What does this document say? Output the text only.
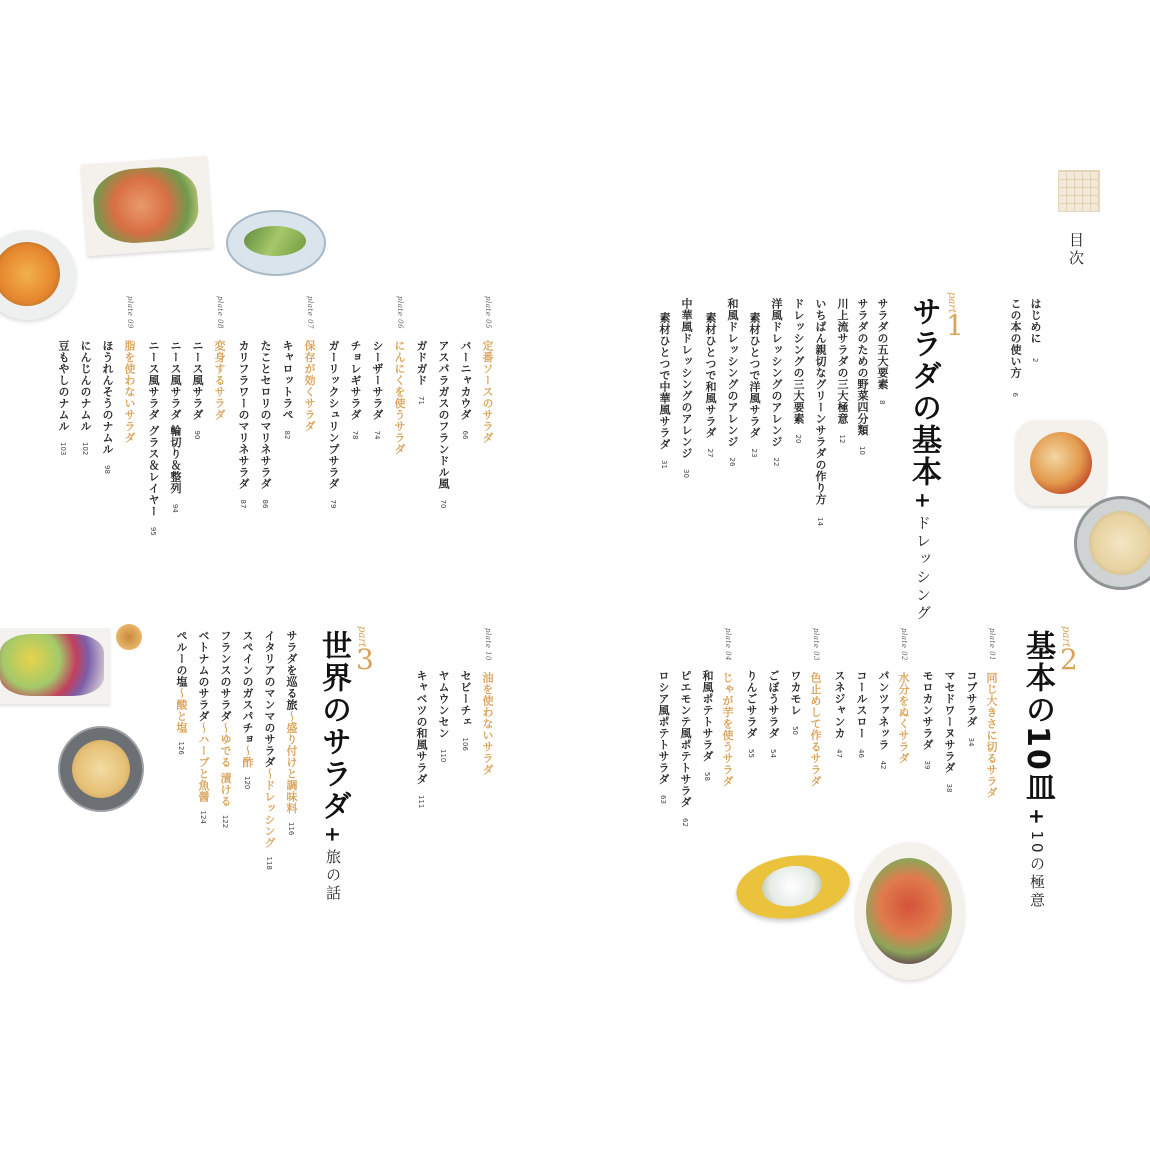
目次
はじめに2
この本の使い方6
part
1
サラダの基本+ドレッシング
サラダの五大要素8
サラダのための野菜四分類10
川上流サラダの三大極意12
いちばん親切なグリーンサラダの作り方14
ドレッシングの三大要素20
洋風ドレッシングのアレンジ22
素材ひとつで洋風サラダ23
和風ドレッシングのアレンジ26
素材ひとつで和風サラダ27
中華風ドレッシングのアレンジ30
素材ひとつで中華風サラダ31
part
2
基本の10皿+10の極意
plate 01
同じ大きさに切るサラダ
コブサラダ34
マセドワーヌサラダ38
モロカンサラダ39
plate 02
水分をぬくサラダ
パンツァネッラ42
コールスロー46
スネジャンカ47
plate 03
色止めして作るサラダ
ワカモレ50
ごぼうサラダ54
りんごサラダ55
plate 04
じゃが芋を使うサラダ
和風ポテトサラダ58
ピエモンテ風ポテトサラダ62
ロシア風ポテトサラダ63
plate 05
定番ソースのサラダ
バーニャカウダ66
アスパラガスのフランドル風70
ガドガド71
plate 06
にんにくを使うサラダ
シーザーサラダ74
チョレギサラダ78
ガーリックシュリンプサラダ79
plate 07
保存が効くサラダ
キャロットラペ82
たことセロリのマリネサラダ86
カリフラワーのマリネサラダ87
plate 08
変身するサラダ
ニース風サラダ90
ニース風サラダ 輪切り＆整列94
ニース風サラダ グラス＆レイヤー95
plate 09
脂を使わないサラダ
ほうれんそうのナムル98
にんじんのナムル102
豆もやしのナムル103
plate 10
油を使わないサラダ
セビーチェ106
ヤムウンセン110
キャベツの和風サラダ111
part
3
世界のサラダ+旅の話
サラダを巡る旅～盛り付けと調味料116
イタリアのマンマのサラダ～ドレッシング118
スペインのガスパチョ～酢120
フランスのサラダ～ゆでる 漬ける122
ベトナムのサラダ～ハーブと魚醤124
ペルーの塩～酸と塩126
